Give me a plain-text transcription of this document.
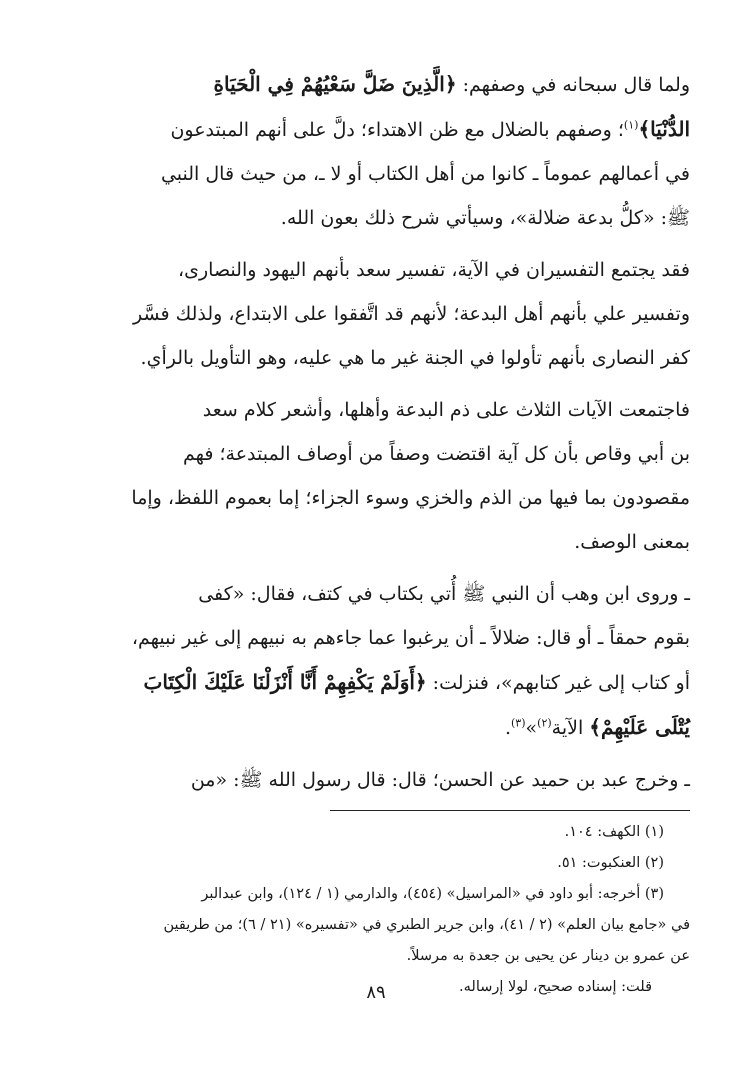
ولما قال سبحانه في وصفهم: ﴿الَّذِينَ ضَلَّ سَعْيُهُمْ فِي الْحَيَاةِ

الدُّنْيَا﴾$^{(١)}$؛ وصفهم بالضلال مع ظن الاهتداء؛ دلَّ على أنهم المبتدعون

في أعمالهم عموماً ـ كانوا من أهل الكتاب أو لا ـ، من حيث قال النبي

ﷺ: «كلُّ بدعة ضلالة»، وسيأتي شرح ذلك بعون الله.

فقد يجتمع التفسيران في الآية، تفسير سعد بأنهم اليهود والنصارى،

وتفسير علي بأنهم أهل البدعة؛ لأنهم قد اتَّفقوا على الابتداع، ولذلك فسَّر

كفر النصارى بأنهم تأولوا في الجنة غير ما هي عليه، وهو التأويل بالرأي.

فاجتمعت الآيات الثلاث على ذم البدعة وأهلها، وأشعر كلام سعد

بن أبي وقاص بأن كل آية اقتضت وصفاً من أوصاف المبتدعة؛ فهم

مقصودون بما فيها من الذم والخزي وسوء الجزاء؛ إما بعموم اللفظ، وإما

بمعنى الوصف.

ـ وروى ابن وهب أن النبي ﷺ أُتي بكتاب في كتف، فقال: «كفى

بقوم حمقاً ـ أو قال: ضلالاً ـ أن يرغبوا عما جاءهم به نبيهم إلى غير نبيهم،

أو كتاب إلى غير كتابهم»، فنزلت: ﴿أَوَلَمْ يَكْفِهِمْ أَنَّا أَنْزَلْنَا عَلَيْكَ الْكِتَابَ

يُتْلَى عَلَيْهِمْ﴾ الآية$^{(٢)}$»$^{(٣)}$.

ـ وخرج عبد بن حميد عن الحسن؛ قال: قال رسول الله ﷺ: «من

(١) الكهف: ١٠٤.

(٢) العنكبوت: ٥١.

(٣) أخرجه: أبو داود في «المراسيل» (٤٥٤)، والدارمي (١ / ١٢٤)، وابن عبدالبر

في «جامع بيان العلم» (٢ / ٤١)، وابن جرير الطبري في «تفسيره» (٢١ / ٦)؛ من طريقين

عن عمرو بن دينار عن يحيى بن جعدة به مرسلاً.

قلت: إسناده صحيح، لولا إرساله.

٨٩
